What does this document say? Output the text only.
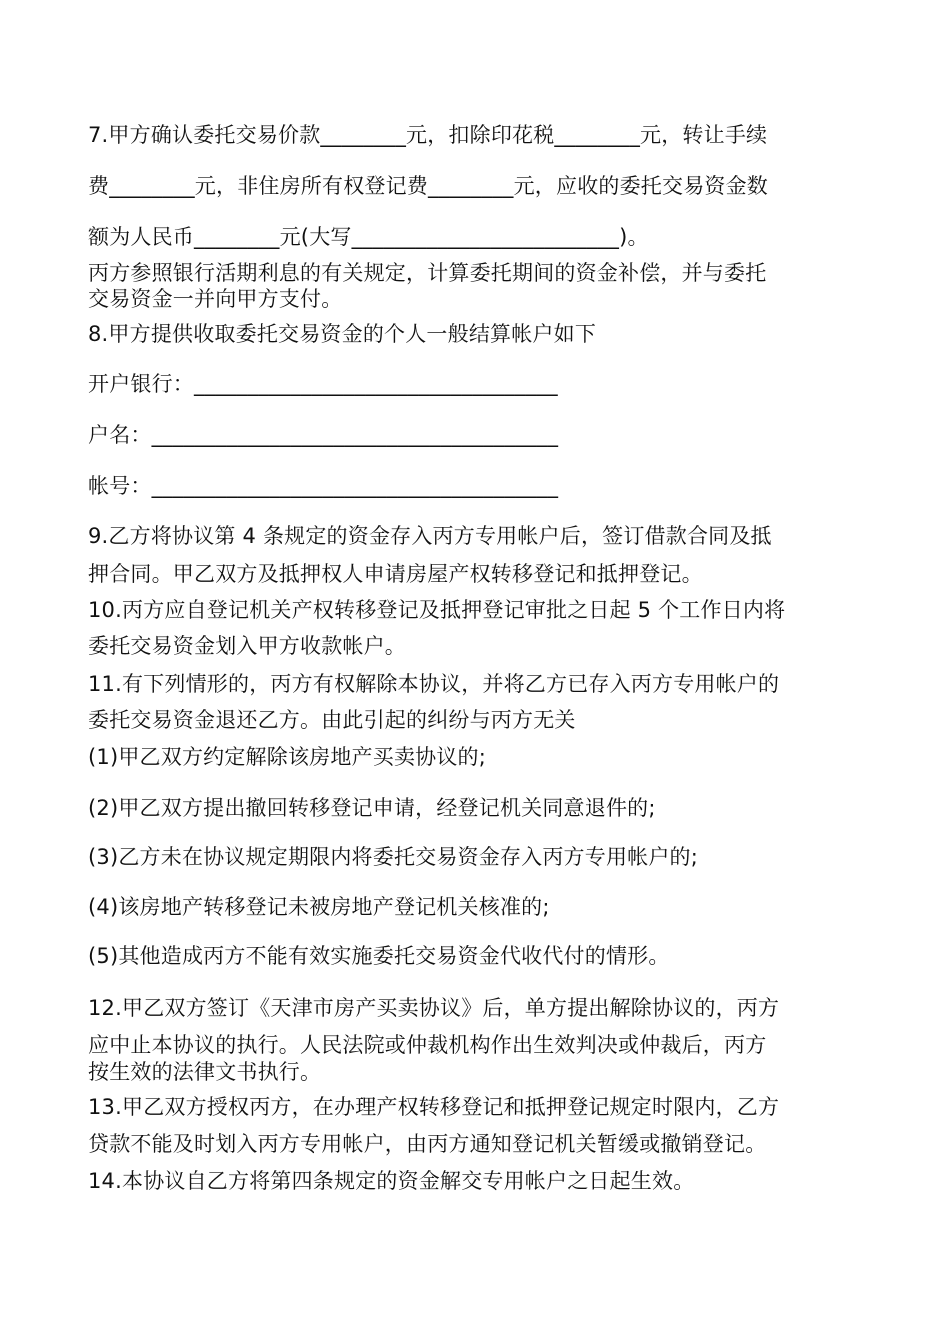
7.甲方确认委托交易价款________元，扣除印花税________元，转让手续
费________元，非住房所有权登记费________元，应收的委托交易资金数
额为人民币________元(大写_________________________)。
丙方参照银行活期利息的有关规定，计算委托期间的资金补偿，并与委托
交易资金一并向甲方支付。
8.甲方提供收取委托交易资金的个人一般结算帐户如下
开户银行：__________________________________
户名：______________________________________
帐号：______________________________________
9.乙方将协议第 4 条规定的资金存入丙方专用帐户后，签订借款合同及抵
押合同。甲乙双方及抵押权人申请房屋产权转移登记和抵押登记。
10.丙方应自登记机关产权转移登记及抵押登记审批之日起 5 个工作日内将
委托交易资金划入甲方收款帐户。
11.有下列情形的，丙方有权解除本协议，并将乙方已存入丙方专用帐户的
委托交易资金退还乙方。由此引起的纠纷与丙方无关
(1)甲乙双方约定解除该房地产买卖协议的;
(2)甲乙双方提出撤回转移登记申请，经登记机关同意退件的;
(3)乙方未在协议规定期限内将委托交易资金存入丙方专用帐户的;
(4)该房地产转移登记未被房地产登记机关核准的;
(5)其他造成丙方不能有效实施委托交易资金代收代付的情形。
12.甲乙双方签订《天津市房产买卖协议》后，单方提出解除协议的，丙方
应中止本协议的执行。人民法院或仲裁机构作出生效判决或仲裁后，丙方
按生效的法律文书执行。
13.甲乙双方授权丙方，在办理产权转移登记和抵押登记规定时限内，乙方
贷款不能及时划入丙方专用帐户，由丙方通知登记机关暂缓或撤销登记。
14.本协议自乙方将第四条规定的资金解交专用帐户之日起生效。
